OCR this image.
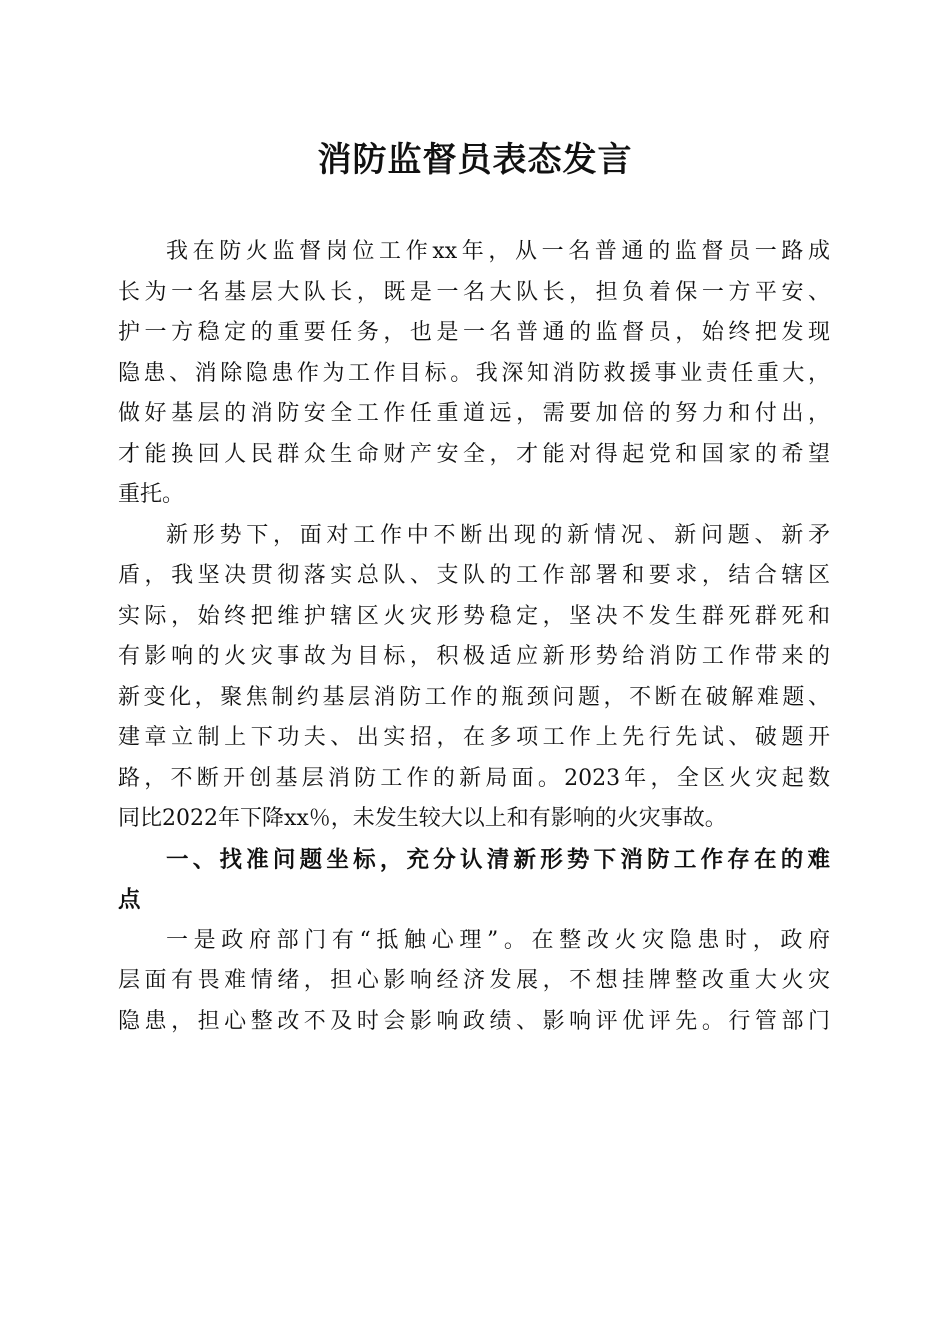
消防监督员表态发言
我在防火监督岗位工作xx年，从一名普通的监督员一路成
长为一名基层大队长，既是一名大队长，担负着保一方平安、
护一方稳定的重要任务，也是一名普通的监督员，始终把发现
隐患、消除隐患作为工作目标。我深知消防救援事业责任重大，
做好基层的消防安全工作任重道远，需要加倍的努力和付出，
才能换回人民群众生命财产安全，才能对得起党和国家的希望
重托。
新形势下，面对工作中不断出现的新情况、新问题、新矛
盾，我坚决贯彻落实总队、支队的工作部署和要求，结合辖区
实际，始终把维护辖区火灾形势稳定，坚决不发生群死群死和
有影响的火灾事故为目标，积极适应新形势给消防工作带来的
新变化，聚焦制约基层消防工作的瓶颈问题，不断在破解难题、
建章立制上下功夫、出实招，在多项工作上先行先试、破题开
路，不断开创基层消防工作的新局面。2023年，全区火灾起数
同比2022年下降xx％，未发生较大以上和有影响的火灾事故。
一、找准问题坐标，充分认清新形势下消防工作存在的难
点
一是政府部门有“抵触心理”。在整改火灾隐患时，政府
层面有畏难情绪，担心影响经济发展，不想挂牌整改重大火灾
隐患，担心整改不及时会影响政绩、影响评优评先。行管部门
